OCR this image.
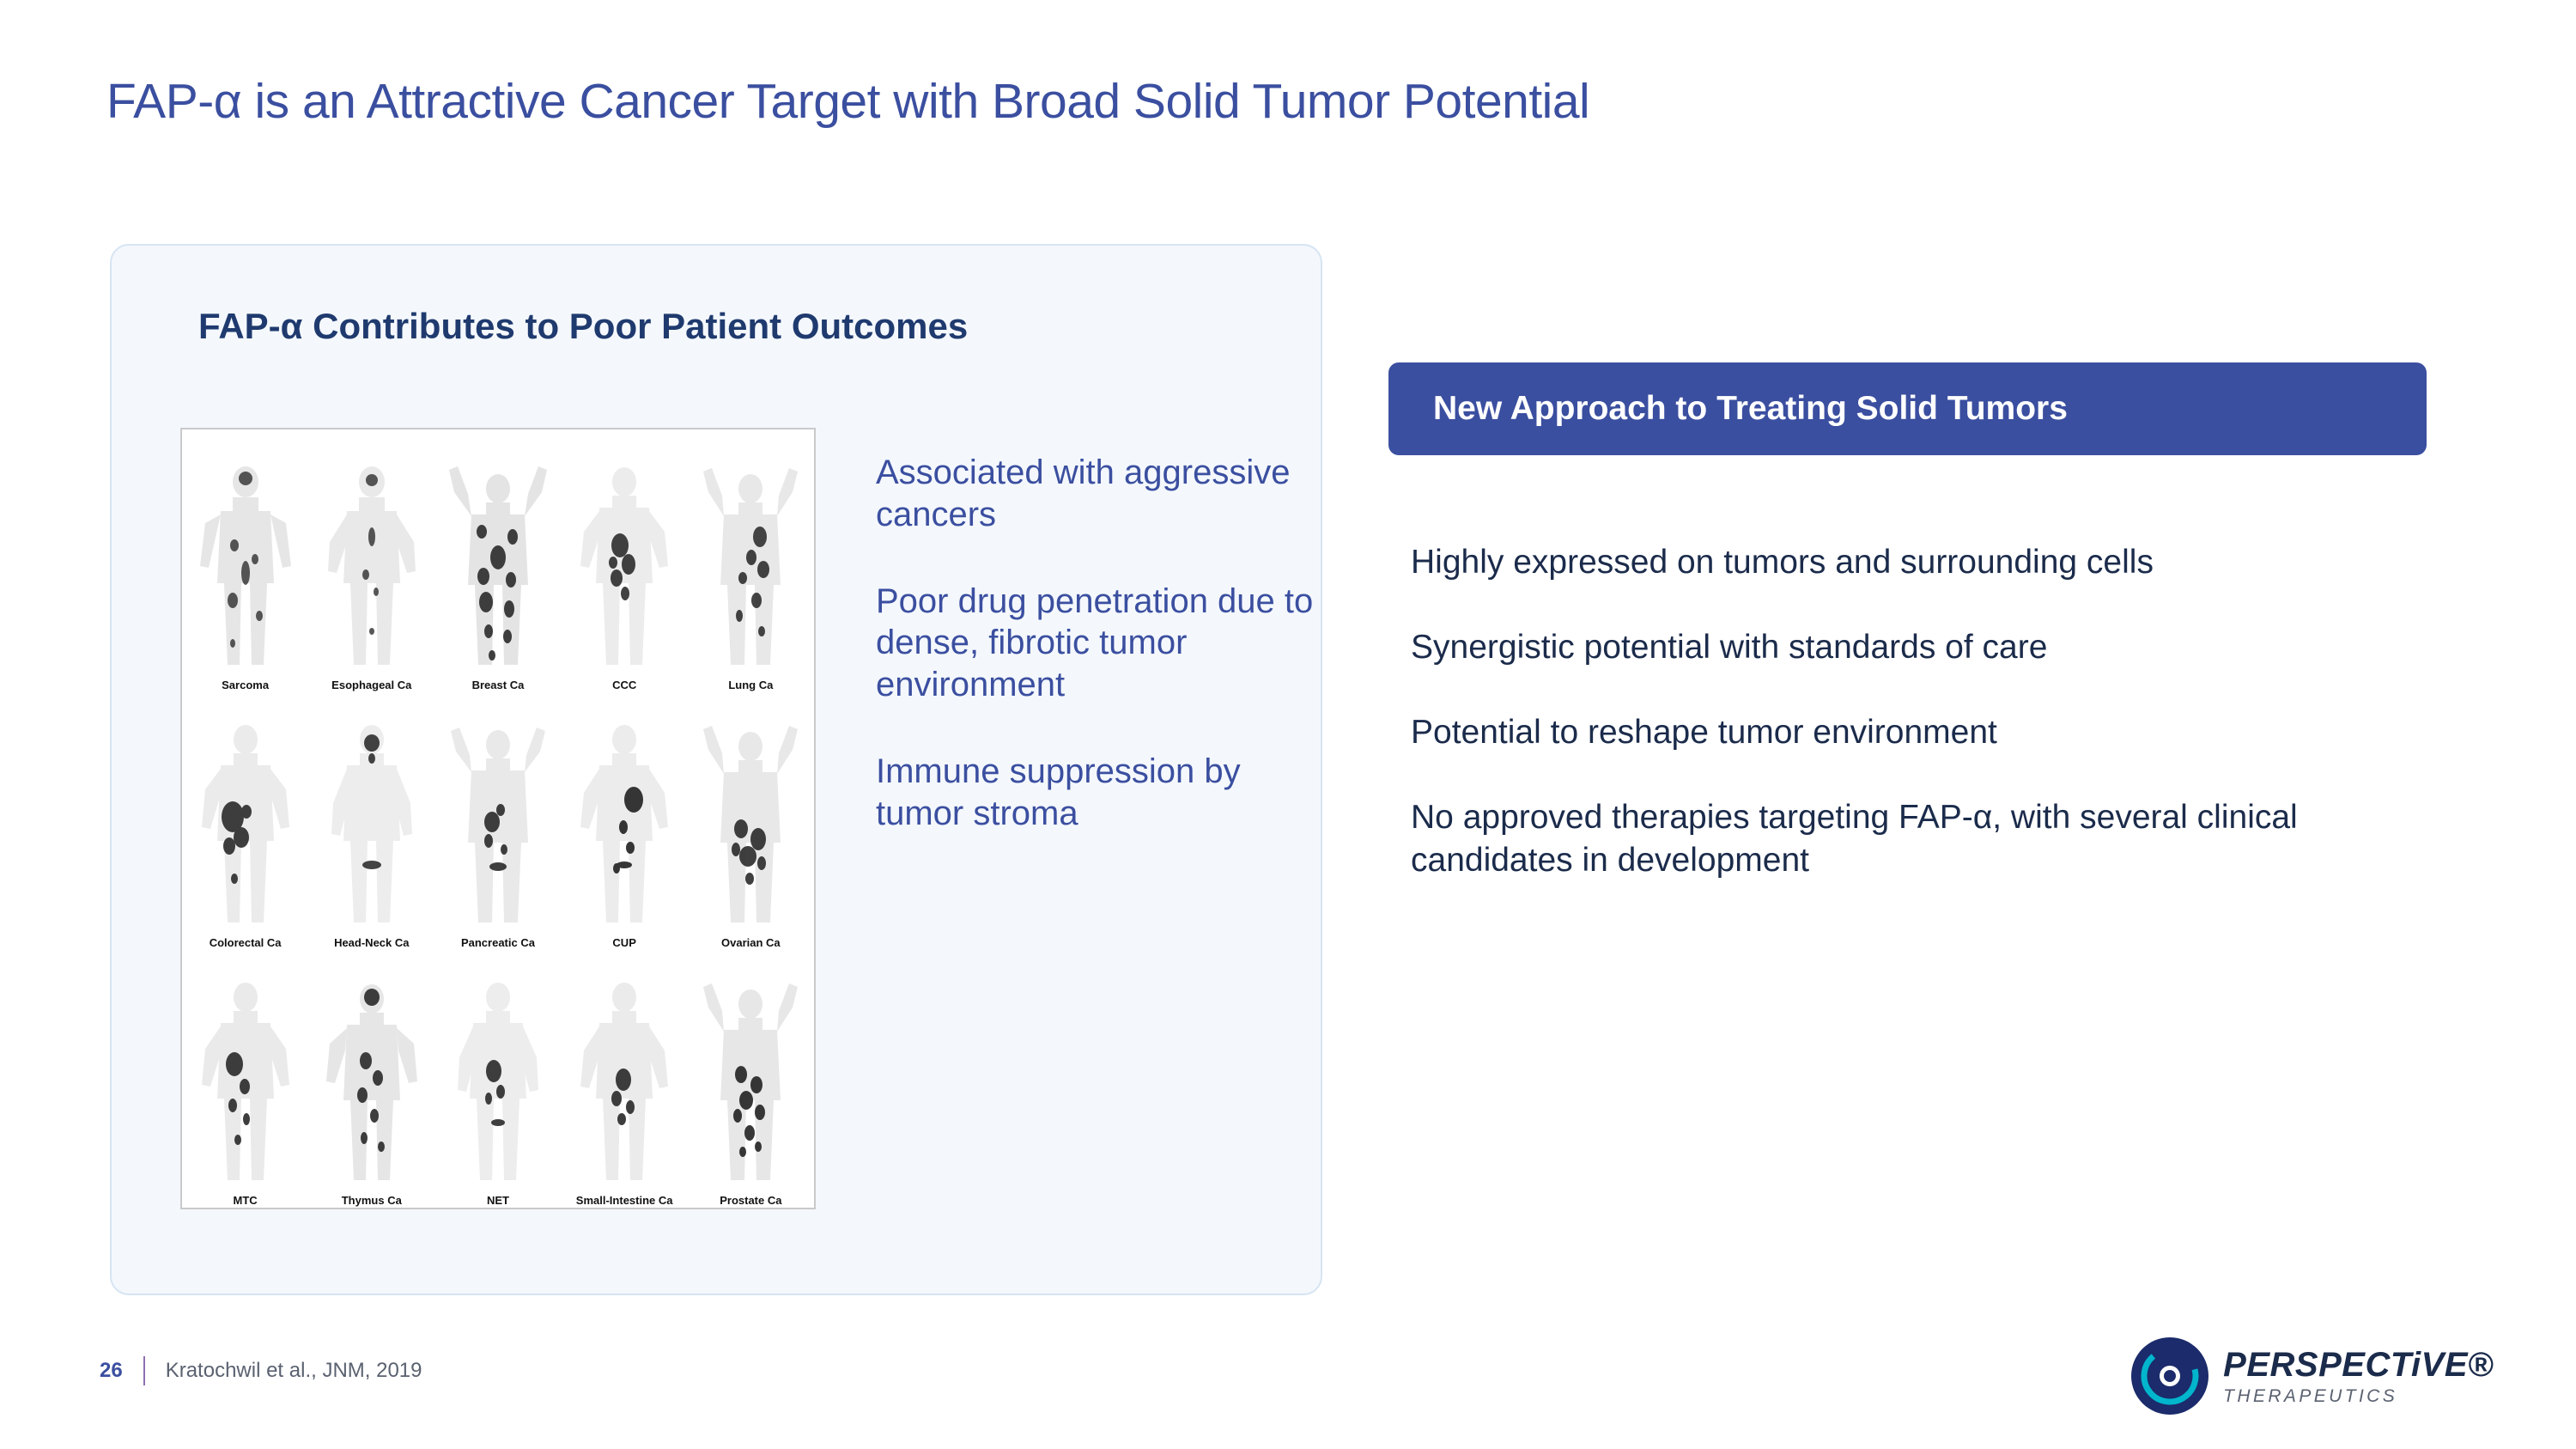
FAP-α is an Attractive Cancer Target with Broad Solid Tumor Potential
FAP-α Contributes to Poor Patient Outcomes
Sarcoma	Esophageal Ca	Breast Ca	CCC	Lung Ca
Colorectal Ca	Head-Neck Ca	Pancreatic Ca	CUP	Ovarian Ca
MTC	Thymus Ca	NET	Small-Intestine Ca	Prostate Ca
Associated with aggressive cancers
Poor drug penetration due to dense, fibrotic tumor environment
Immune suppression by tumor stroma
New Approach to Treating Solid Tumors
Highly expressed on tumors and surrounding cells
Synergistic potential with standards of care
Potential to reshape tumor environment
No approved therapies targeting FAP-α, with several clinical candidates in development
26 Kratochwil et al., JNM, 2019	PERSPECTiVE®
THERAPEUTICS
